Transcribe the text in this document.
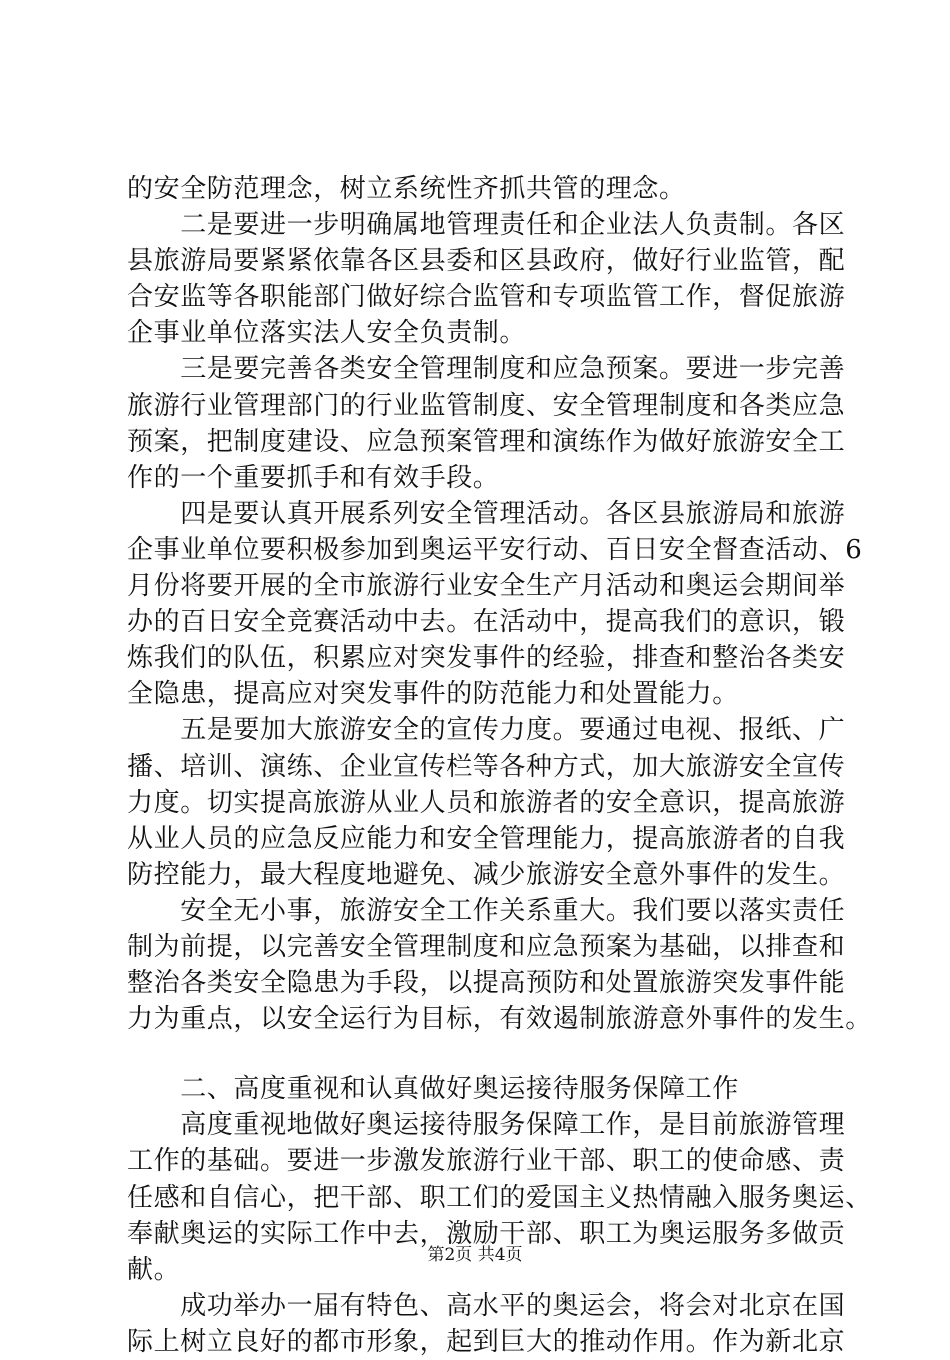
的安全防范理念，树立系统性齐抓共管的理念。
　　二是要进一步明确属地管理责任和企业法人负责制。各区
县旅游局要紧紧依靠各区县委和区县政府，做好行业监管，配
合安监等各职能部门做好综合监管和专项监管工作，督促旅游
企事业单位落实法人安全负责制。
　　三是要完善各类安全管理制度和应急预案。要进一步完善
旅游行业管理部门的行业监管制度、安全管理制度和各类应急
预案，把制度建设、应急预案管理和演练作为做好旅游安全工
作的一个重要抓手和有效手段。
　　四是要认真开展系列安全管理活动。各区县旅游局和旅游
企事业单位要积极参加到奥运平安行动、百日安全督查活动、6
月份将要开展的全市旅游行业安全生产月活动和奥运会期间举
办的百日安全竞赛活动中去。在活动中，提高我们的意识，锻
炼我们的队伍，积累应对突发事件的经验，排查和整治各类安
全隐患，提高应对突发事件的防范能力和处置能力。
　　五是要加大旅游安全的宣传力度。要通过电视、报纸、广
播、培训、演练、企业宣传栏等各种方式，加大旅游安全宣传
力度。切实提高旅游从业人员和旅游者的安全意识，提高旅游
从业人员的应急反应能力和安全管理能力，提高旅游者的自我
防控能力，最大程度地避免、减少旅游安全意外事件的发生。
　　安全无小事，旅游安全工作关系重大。我们要以落实责任
制为前提，以完善安全管理制度和应急预案为基础，以排查和
整治各类安全隐患为手段，以提高预防和处置旅游突发事件能
力为重点，以安全运行为目标，有效遏制旅游意外事件的发生。
　　二、高度重视和认真做好奥运接待服务保障工作
　　高度重视地做好奥运接待服务保障工作，是目前旅游管理
工作的基础。要进一步激发旅游行业干部、职工的使命感、责
任感和自信心，把干部、职工们的爱国主义热情融入服务奥运、
奉献奥运的实际工作中去，激励干部、职工为奥运服务多做贡
献。
　　成功举办一届有特色、高水平的奥运会，将会对北京在国
际上树立良好的都市形象，起到巨大的推动作用。作为新北京
第2页 共4页
